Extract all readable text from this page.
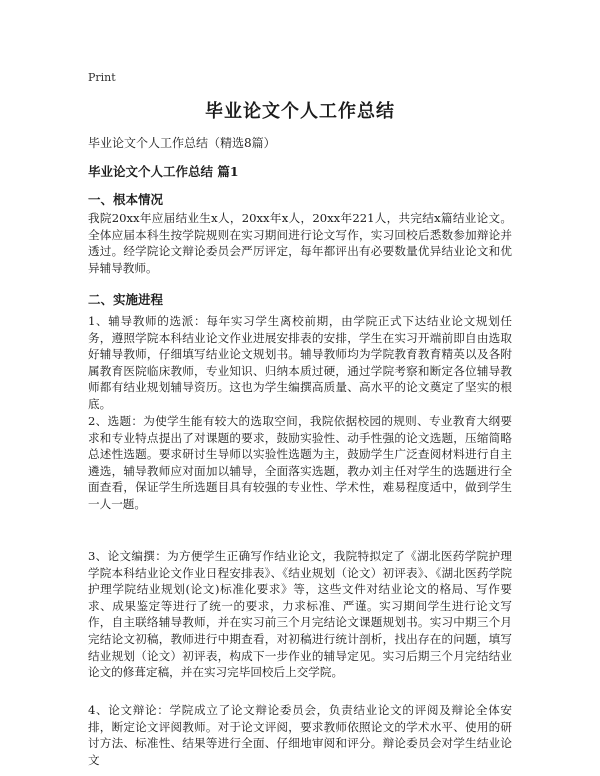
Print
毕业论文个人工作总结
毕业论文个人工作总结（精选8篇）
毕业论文个人工作总结 篇1
一、根本情况
我院20xx年应届结业生x人，20xx年x人，20xx年221人，共完结x篇结业论文。全体应届本科生按学院规则在实习期间进行论文写作，实习回校后悉数参加辩论并透过。经学院论文辩论委员会严厉评定，每年都评出有必要数量优异结业论文和优异辅导教师。
二、实施进程
1、辅导教师的选派：每年实习学生离校前期，由学院正式下达结业论文规划任务，遵照学院本科结业论文作业进展安排表的安排，学生在实习开端前即自由选取好辅导教师，仔细填写结业论文规划书。辅导教师均为学院教育教育精英以及各附属教育医院临床教师，专业知识、归纳本质过硬，通过学院考察和断定各位辅导教师都有结业规划辅导资历。这也为学生编撰高质量、高水平的论文奠定了坚实的根底。
2、选题：为使学生能有较大的选取空间，我院依据校园的规则、专业教育大纲要求和专业特点提出了对课题的要求，鼓励实验性、动手性强的论文选题，压缩简略总述性选题。要求研讨生导师以实验性选题为主，鼓励学生广泛查阅材料进行自主遴选，辅导教师应对面加以辅导，全面落实选题，教办刘主任对学生的选题进行全面查看，保证学生所选题目具有较强的专业性、学术性，难易程度适中，做到学生一人一题。
3、论文编撰：为方便学生正确写作结业论文，我院特拟定了《湖北医药学院护理学院本科结业论文作业日程安排表》、《结业规划（论文）初评表》、《湖北医药学院护理学院结业规划(论文)标准化要求》等，这些文件对结业论文的格局、写作要求、成果鉴定等进行了统一的要求，力求标准、严谨。实习期间学生进行论文写作，自主联络辅导教师，并在实习前三个月完结论文课题规划书。实习中期三个月完结论文初稿，教师进行中期查看，对初稿进行统计剖析，找出存在的问题，填写结业规划（论文）初评表，构成下一步作业的辅导定见。实习后期三个月完结结业论文的修葺定稿，并在实习完毕回校后上交学院。
4、论文辩论：学院成立了论文辩论委员会，负责结业论文的评阅及辩论全体安排，断定论文评阅教师。对于论文评阅，要求教师依照论文的学术水平、使用的研讨方法、标准性、结果等进行全面、仔细地审阅和评分。辩论委员会对学生结业论文
